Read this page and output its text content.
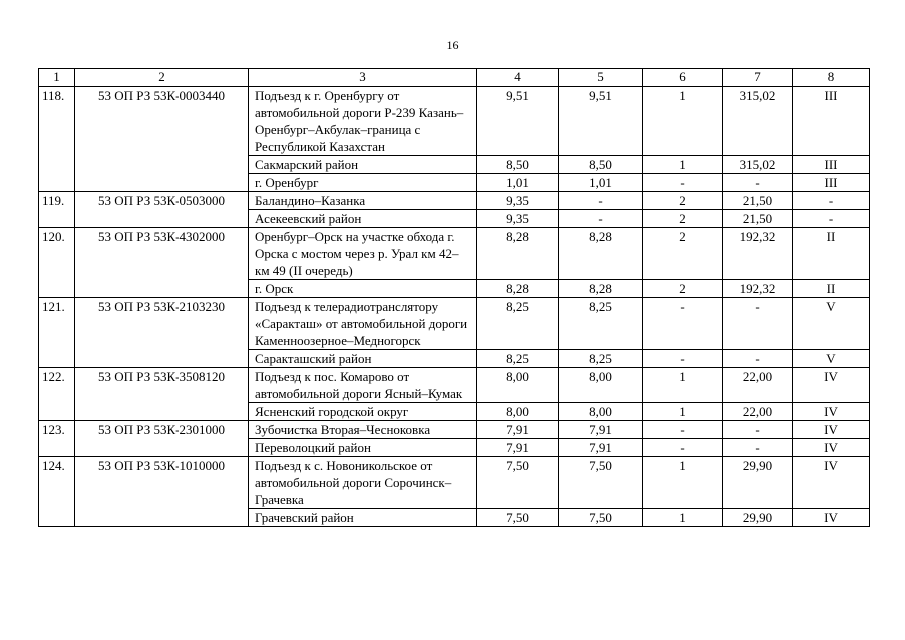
16
1	2	3	4	5	6	7	8
118.	53 ОП РЗ 53К-0003440	Подъезд к г. Оренбургу от автомобильной дороги Р-239 Казань–Оренбург–Акбулак–граница с Республикой Казахстан	9,51	9,51	1	315,02	III
		Сакмарский район	8,50	8,50	1	315,02	III
		г. Оренбург	1,01	1,01	-	-	III
119.	53 ОП РЗ 53К-0503000	Баландино–Казанка	9,35	-	2	21,50	-
		Асекеевский район	9,35	-	2	21,50	-
120.	53 ОП РЗ 53К-4302000	Оренбург–Орск на участке обхода г. Орска с мостом через р. Урал км 42–км 49 (II очередь)	8,28	8,28	2	192,32	II
		г. Орск	8,28	8,28	2	192,32	II
121.	53 ОП РЗ 53К-2103230	Подъезд к телерадиотранслятору «Саракташ» от автомобильной дороги Каменноозерное–Медногорск	8,25	8,25	-	-	V
		Саракташский район	8,25	8,25	-	-	V
122.	53 ОП РЗ 53К-3508120	Подъезд к пос. Комарово от автомобильной дороги Ясный–Кумак	8,00	8,00	1	22,00	IV
		Ясненский городской округ	8,00	8,00	1	22,00	IV
123.	53 ОП РЗ 53К-2301000	Зубочистка Вторая–Чесноковка	7,91	7,91	-	-	IV
		Переволоцкий район	7,91	7,91	-	-	IV
124.	53 ОП РЗ 53К-1010000	Подъезд к с. Новоникольское от автомобильной дороги Сорочинск–Грачевка	7,50	7,50	1	29,90	IV
		Грачевский район	7,50	7,50	1	29,90	IV
